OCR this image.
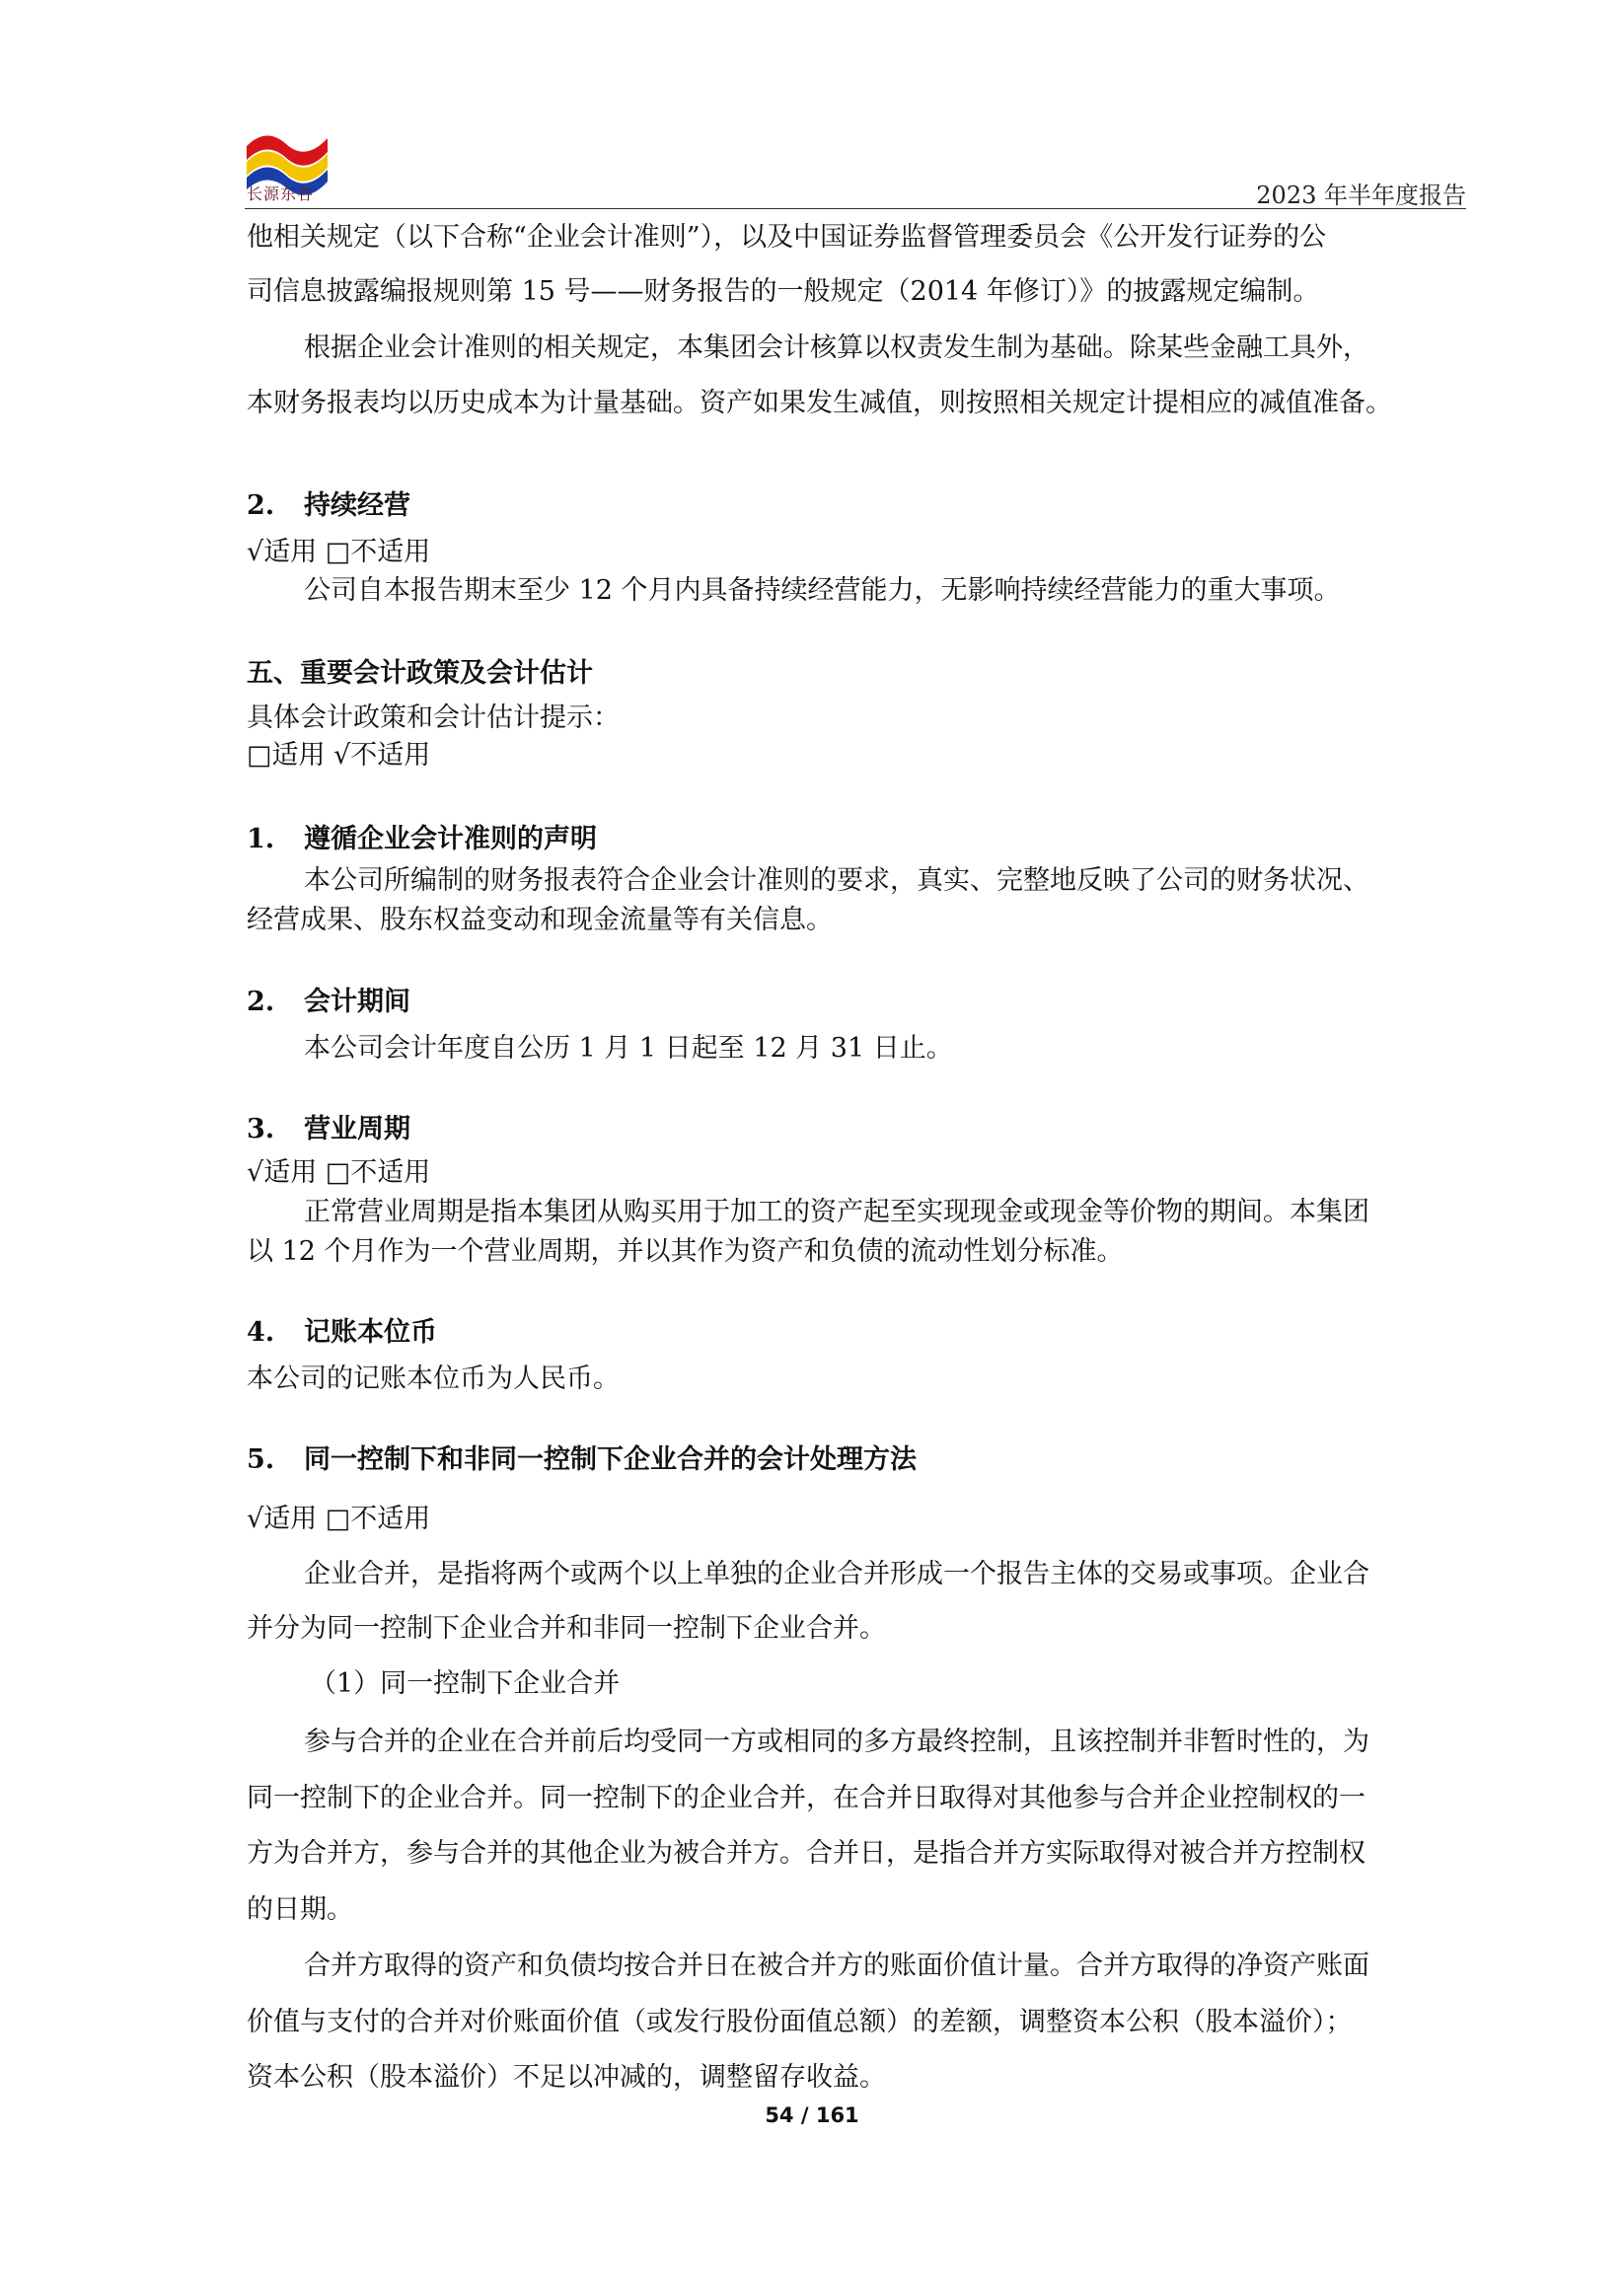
长源东谷	2023 年半年度报告
他相关规定（以下合称“企业会计准则”），以及中国证券监督管理委员会《公开发行证券的公
司信息披露编报规则第 15 号——财务报告的一般规定（2014 年修订）》的披露规定编制。
根据企业会计准则的相关规定，本集团会计核算以权责发生制为基础。除某些金融工具外，
本财务报表均以历史成本为计量基础。资产如果发生减值，则按照相关规定计提相应的减值准备。
2. 持续经营
√适用 □不适用
公司自本报告期末至少 12 个月内具备持续经营能力，无影响持续经营能力的重大事项。
五、重要会计政策及会计估计
具体会计政策和会计估计提示：
□适用 √不适用
1. 遵循企业会计准则的声明
本公司所编制的财务报表符合企业会计准则的要求，真实、完整地反映了公司的财务状况、
经营成果、股东权益变动和现金流量等有关信息。
2. 会计期间
本公司会计年度自公历 1 月 1 日起至 12 月 31 日止。
3. 营业周期
√适用 □不适用
正常营业周期是指本集团从购买用于加工的资产起至实现现金或现金等价物的期间。本集团
以 12 个月作为一个营业周期，并以其作为资产和负债的流动性划分标准。
4. 记账本位币
本公司的记账本位币为人民币。
5. 同一控制下和非同一控制下企业合并的会计处理方法
√适用 □不适用
企业合并，是指将两个或两个以上单独的企业合并形成一个报告主体的交易或事项。企业合
并分为同一控制下企业合并和非同一控制下企业合并。
（1）同一控制下企业合并
参与合并的企业在合并前后均受同一方或相同的多方最终控制，且该控制并非暂时性的，为
同一控制下的企业合并。同一控制下的企业合并，在合并日取得对其他参与合并企业控制权的一
方为合并方，参与合并的其他企业为被合并方。合并日，是指合并方实际取得对被合并方控制权
的日期。
合并方取得的资产和负债均按合并日在被合并方的账面价值计量。合并方取得的净资产账面
价值与支付的合并对价账面价值（或发行股份面值总额）的差额，调整资本公积（股本溢价）；
资本公积（股本溢价）不足以冲减的，调整留存收益。
54 / 161
